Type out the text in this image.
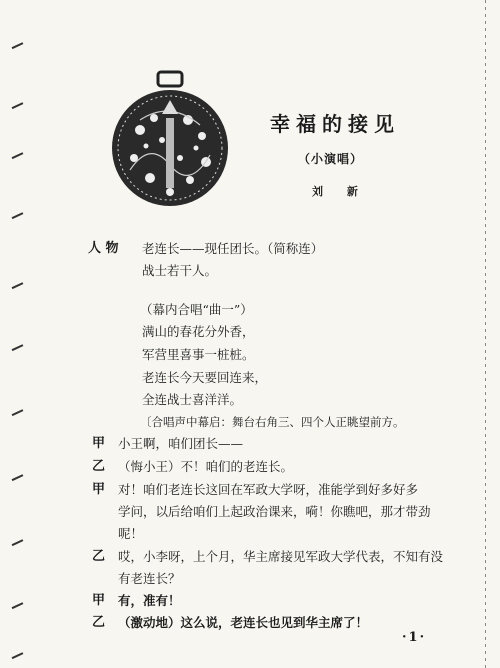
幸福的接见
（小演唱）
刘 新
人 物 老连长——现任团长。（简称连）
战士若干人。
（幕内合唱“曲一”）
满山的春花分外香，
军营里喜事一桩桩。
老连长今天要回连来，
全连战士喜洋洋。
〔合唱声中幕启：舞台右角三、四个人正眺望前方。
甲 小王啊，咱们团长——
乙 （悔小王）不！咱们的老连长。
甲 对！咱们老连长这回在军政大学呀，准能学到好多好多
学问，以后给咱们上起政治课来，嗬！你瞧吧，那才带劲
呢！
乙 哎，小李呀，上个月，华主席接见军政大学代表，不知有没
有老连长？
甲 有，准有！
乙 （激动地）这么说，老连长也见到华主席了！
·1·
